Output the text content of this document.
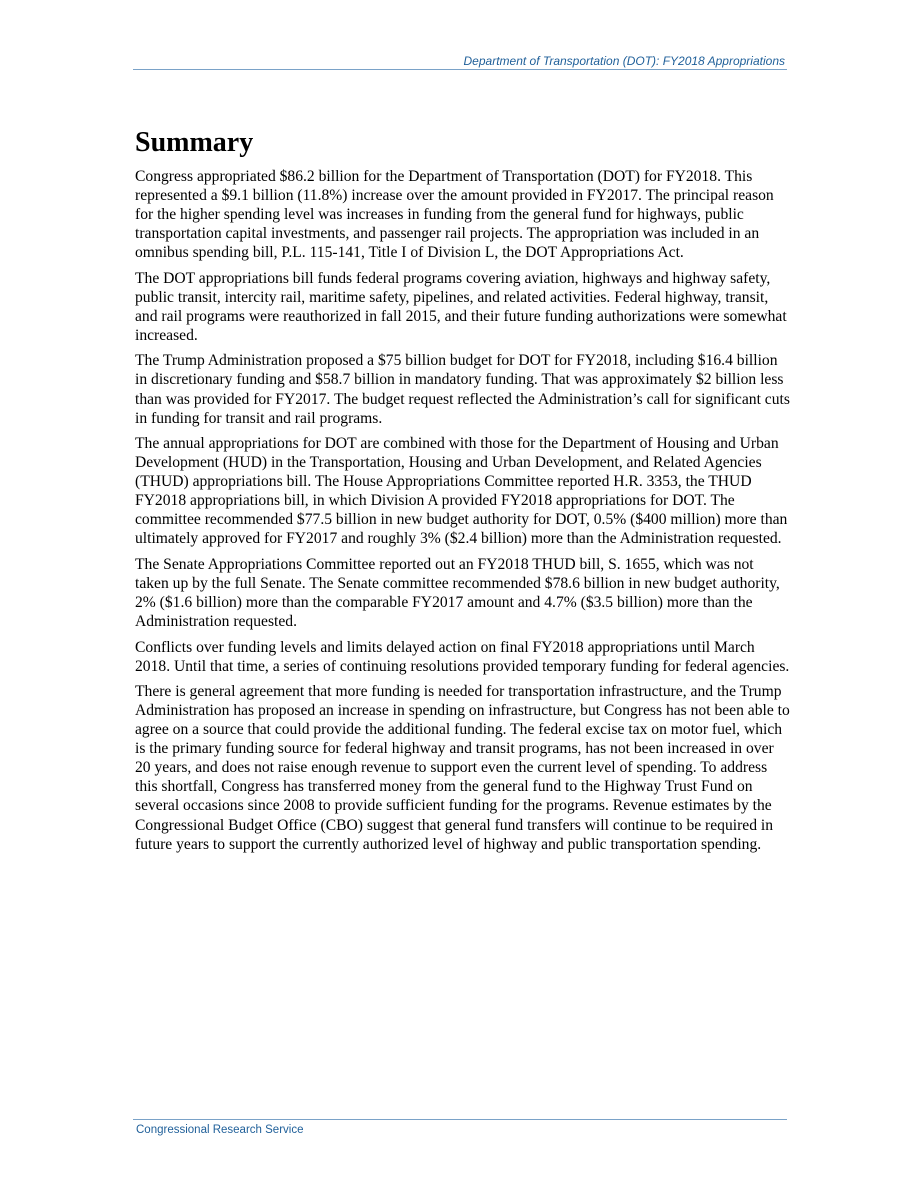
Department of Transportation (DOT): FY2018 Appropriations
Summary

Congress appropriated $86.2 billion for the Department of Transportation (DOT) for FY2018. This represented a $9.1 billion (11.8%) increase over the amount provided in FY2017. The principal reason for the higher spending level was increases in funding from the general fund for highways, public transportation capital investments, and passenger rail projects. The appropriation was included in an omnibus spending bill, P.L. 115-141, Title I of Division L, the DOT Appropriations Act.

The DOT appropriations bill funds federal programs covering aviation, highways and highway safety, public transit, intercity rail, maritime safety, pipelines, and related activities. Federal highway, transit, and rail programs were reauthorized in fall 2015, and their future funding authorizations were somewhat increased.

The Trump Administration proposed a $75 billion budget for DOT for FY2018, including $16.4 billion in discretionary funding and $58.7 billion in mandatory funding. That was approximately $2 billion less than was provided for FY2017. The budget request reflected the Administration’s call for significant cuts in funding for transit and rail programs.

The annual appropriations for DOT are combined with those for the Department of Housing and Urban Development (HUD) in the Transportation, Housing and Urban Development, and Related Agencies (THUD) appropriations bill. The House Appropriations Committee reported H.R. 3353, the THUD FY2018 appropriations bill, in which Division A provided FY2018 appropriations for DOT. The committee recommended $77.5 billion in new budget authority for DOT, 0.5% ($400 million) more than ultimately approved for FY2017 and roughly 3% ($2.4 billion) more than the Administration requested.

The Senate Appropriations Committee reported out an FY2018 THUD bill, S. 1655, which was not taken up by the full Senate. The Senate committee recommended $78.6 billion in new budget authority, 2% ($1.6 billion) more than the comparable FY2017 amount and 4.7% ($3.5 billion) more than the Administration requested.

Conflicts over funding levels and limits delayed action on final FY2018 appropriations until March 2018. Until that time, a series of continuing resolutions provided temporary funding for federal agencies.

There is general agreement that more funding is needed for transportation infrastructure, and the Trump Administration has proposed an increase in spending on infrastructure, but Congress has not been able to agree on a source that could provide the additional funding. The federal excise tax on motor fuel, which is the primary funding source for federal highway and transit programs, has not been increased in over 20 years, and does not raise enough revenue to support even the current level of spending. To address this shortfall, Congress has transferred money from the general fund to the Highway Trust Fund on several occasions since 2008 to provide sufficient funding for the programs. Revenue estimates by the Congressional Budget Office (CBO) suggest that general fund transfers will continue to be required in future years to support the currently authorized level of highway and public transportation spending.

Congressional Research Service
